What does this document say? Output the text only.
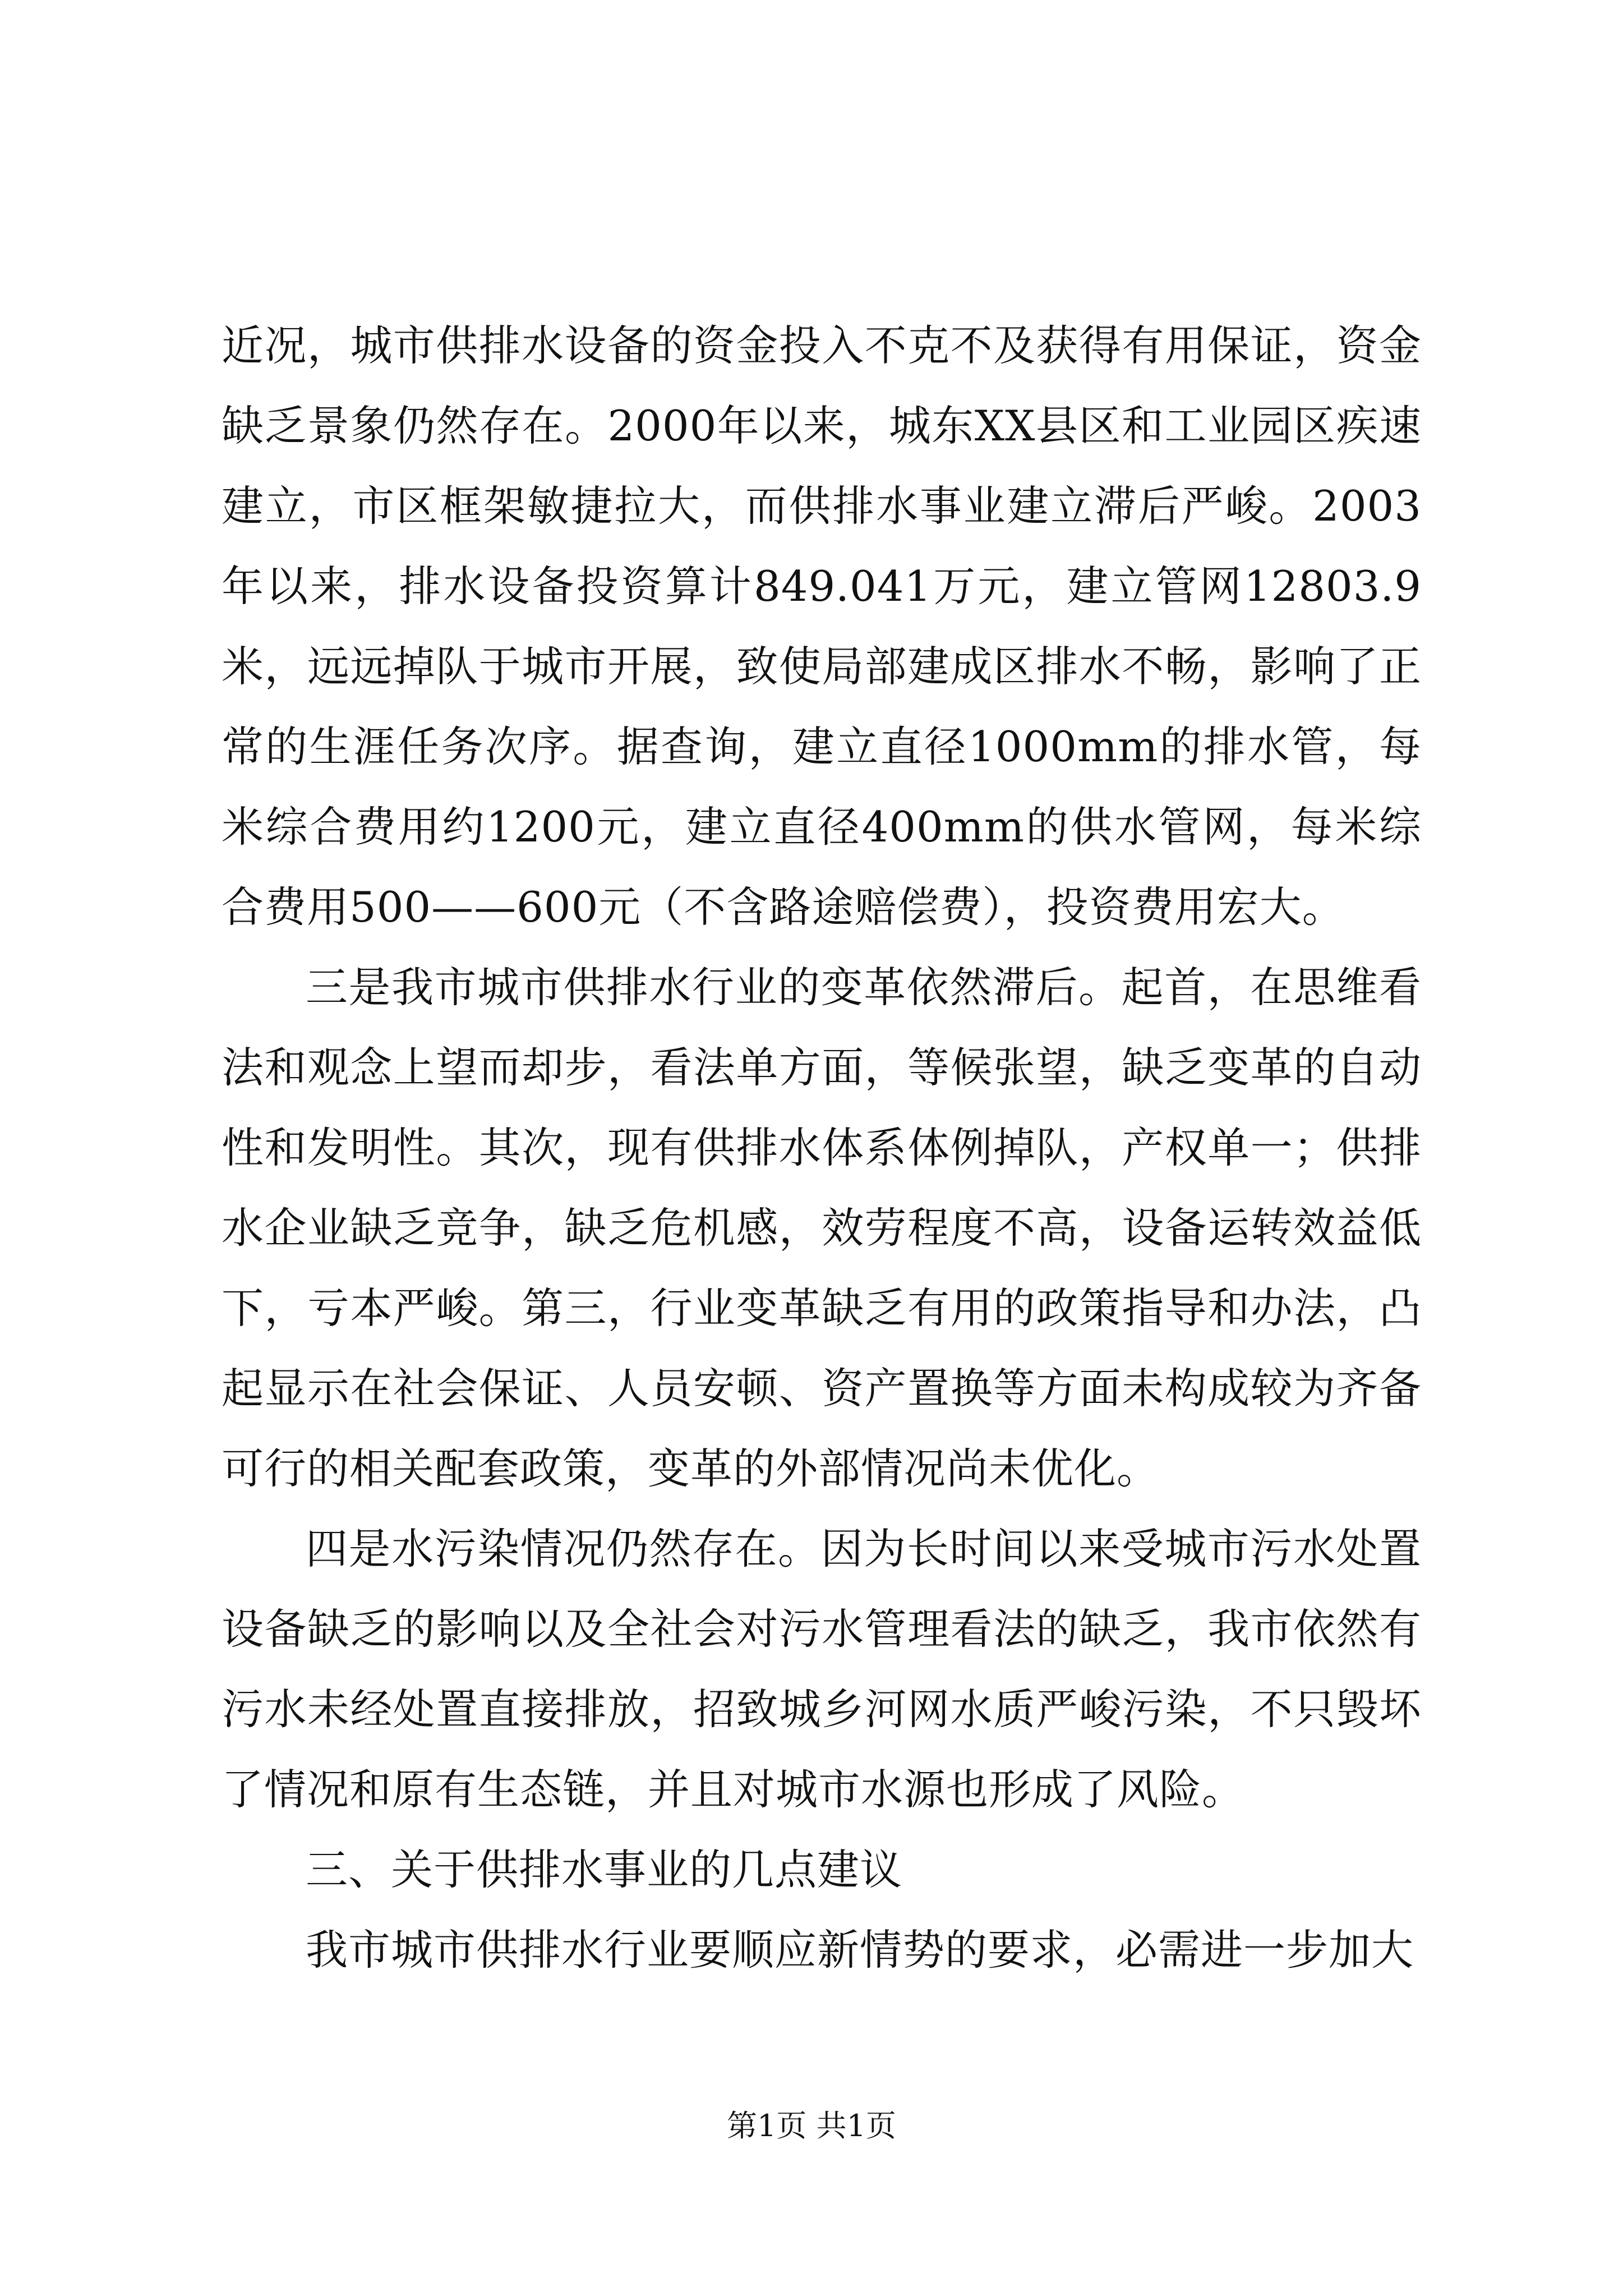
近况，城市供排水设备的资金投入不克不及获得有用保证，资金缺乏景象仍然存在。2000年以来，城东XX县区和工业园区疾速建立，市区框架敏捷拉大，而供排水事业建立滞后严峻。2003年以来，排水设备投资算计849.041万元，建立管网12803.9米，远远掉队于城市开展，致使局部建成区排水不畅，影响了正常的生涯任务次序。据查询，建立直径1000mm的排水管，每米综合费用约1200元，建立直径400mm的供水管网，每米综合费用500——600元（不含路途赔偿费），投资费用宏大。

三是我市城市供排水行业的变革依然滞后。起首，在思维看法和观念上望而却步，看法单方面，等候张望，缺乏变革的自动性和发明性。其次，现有供排水体系体例掉队，产权单一；供排水企业缺乏竞争，缺乏危机感，效劳程度不高，设备运转效益低下，亏本严峻。第三，行业变革缺乏有用的政策指导和办法，凸起显示在社会保证、人员安顿、资产置换等方面未构成较为齐备可行的相关配套政策，变革的外部情况尚未优化。

四是水污染情况仍然存在。因为长时间以来受城市污水处置设备缺乏的影响以及全社会对污水管理看法的缺乏，我市依然有污水未经处置直接排放，招致城乡河网水质严峻污染，不只毁坏了情况和原有生态链，并且对城市水源也形成了风险。

三、关于供排水事业的几点建议

我市城市供排水行业要顺应新情势的要求，必需进一步加大

第1页 共1页
